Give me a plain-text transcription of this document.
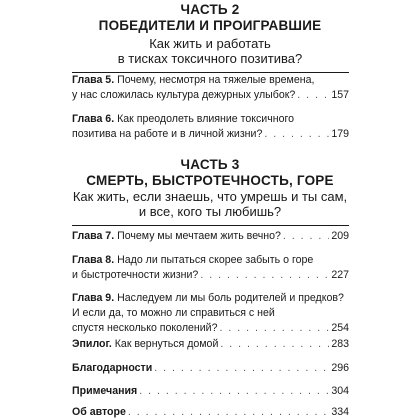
ЧАСТЬ 2
ПОБЕДИТЕЛИ И ПРОИГРАВШИЕ
Как жить и работать
в тисках токсичного позитива?
Глава 5. Почему, несмотря на тяжелые времена,
у нас сложилась культура дежурных улыбок? . . .	157
Глава 6. Как преодолеть влияние токсичного
позитива на работе и в личной жизни? . . .	179
ЧАСТЬ 3
СМЕРТЬ, БЫСТРОТЕЧНОСТЬ, ГОРЕ
Как жить, если знаешь, что умрешь и ты сам,
и все, кого ты любишь?
Глава 7. Почему мы мечтаем жить вечно? . . .	209
Глава 8. Надо ли пытаться скорее забыть о горе
и быстротечности жизни? . . .	227
Глава 9. Наследуем ли мы боль родителей и предков?
И если да, то можно ли справиться с ней
спустя несколько поколений? . . .	254
Эпилог. Как вернуться домой . . .	283
Благодарности . . .	296
Примечания . . .	304
Об авторе . . .	334
